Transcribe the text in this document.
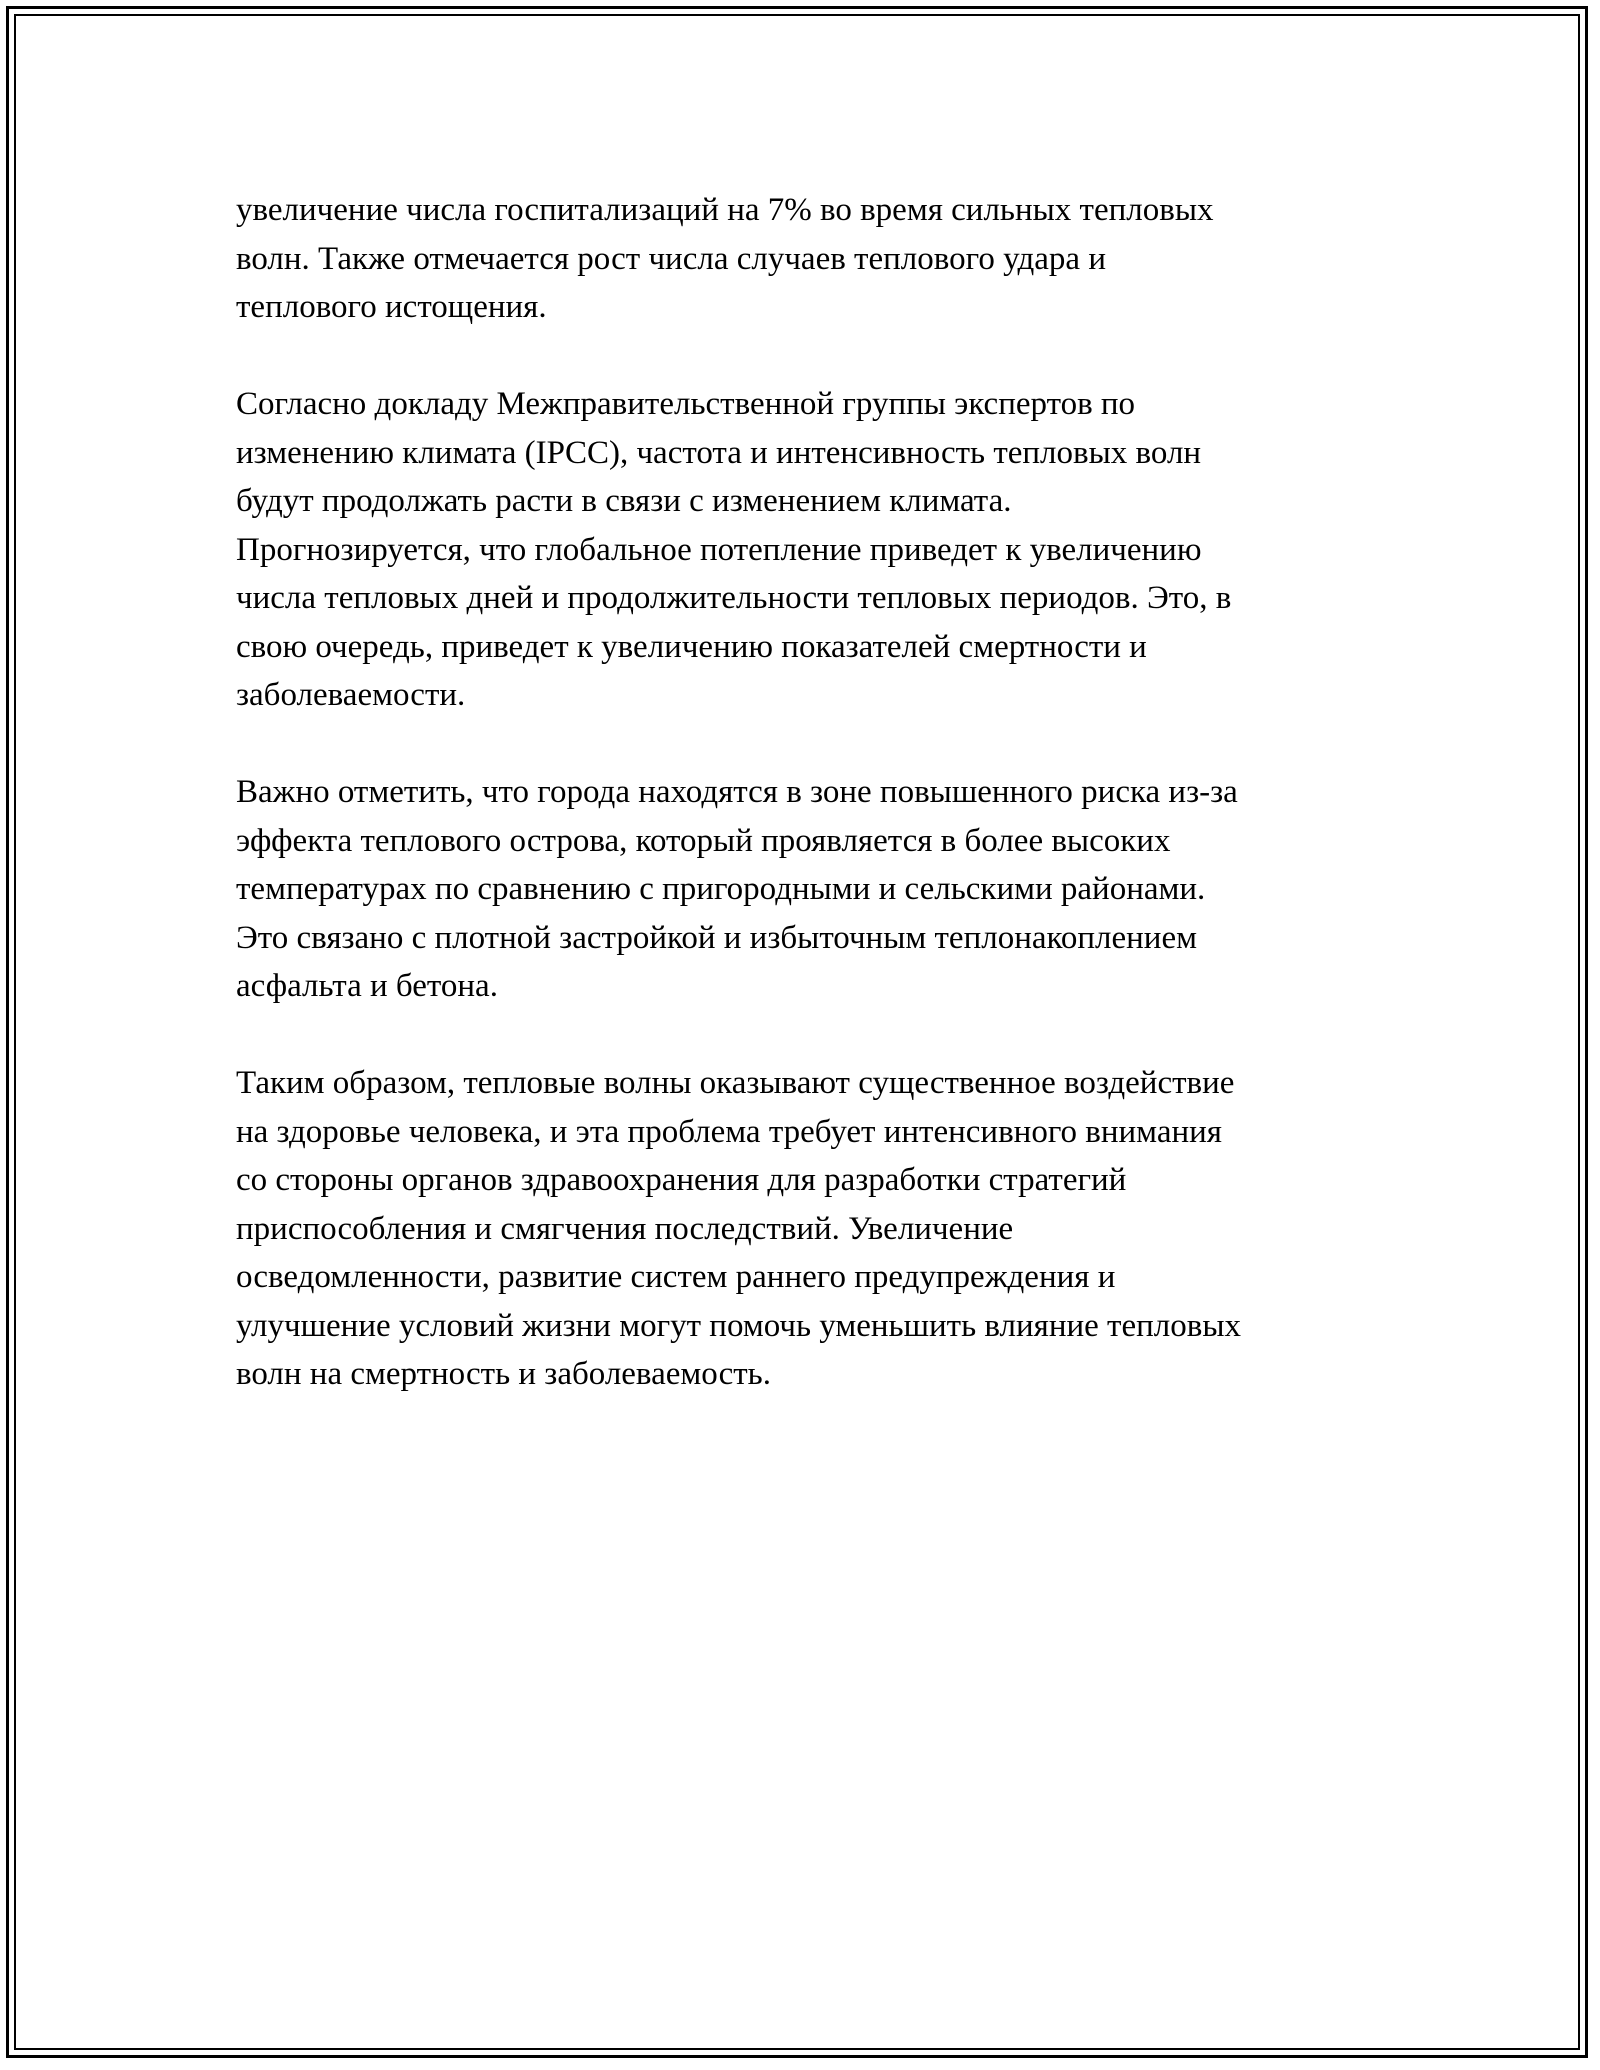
увеличение числа госпитализаций на 7% во время сильных тепловых
волн. Также отмечается рост числа случаев теплового удара и
теплового истощения.

Согласно докладу Межправительственной группы экспертов по
изменению климата (IPCC), частота и интенсивность тепловых волн
будут продолжать расти в связи с изменением климата.
Прогнозируется, что глобальное потепление приведет к увеличению
числа тепловых дней и продолжительности тепловых периодов. Это, в
свою очередь, приведет к увеличению показателей смертности и
заболеваемости.

Важно отметить, что города находятся в зоне повышенного риска из-за
эффекта теплового острова, который проявляется в более высоких
температурах по сравнению с пригородными и сельскими районами.
Это связано с плотной застройкой и избыточным теплонакоплением
асфальта и бетона.

Таким образом, тепловые волны оказывают существенное воздействие
на здоровье человека, и эта проблема требует интенсивного внимания
со стороны органов здравоохранения для разработки стратегий
приспособления и смягчения последствий. Увеличение
осведомленности, развитие систем раннего предупреждения и
улучшение условий жизни могут помочь уменьшить влияние тепловых
волн на смертность и заболеваемость.
